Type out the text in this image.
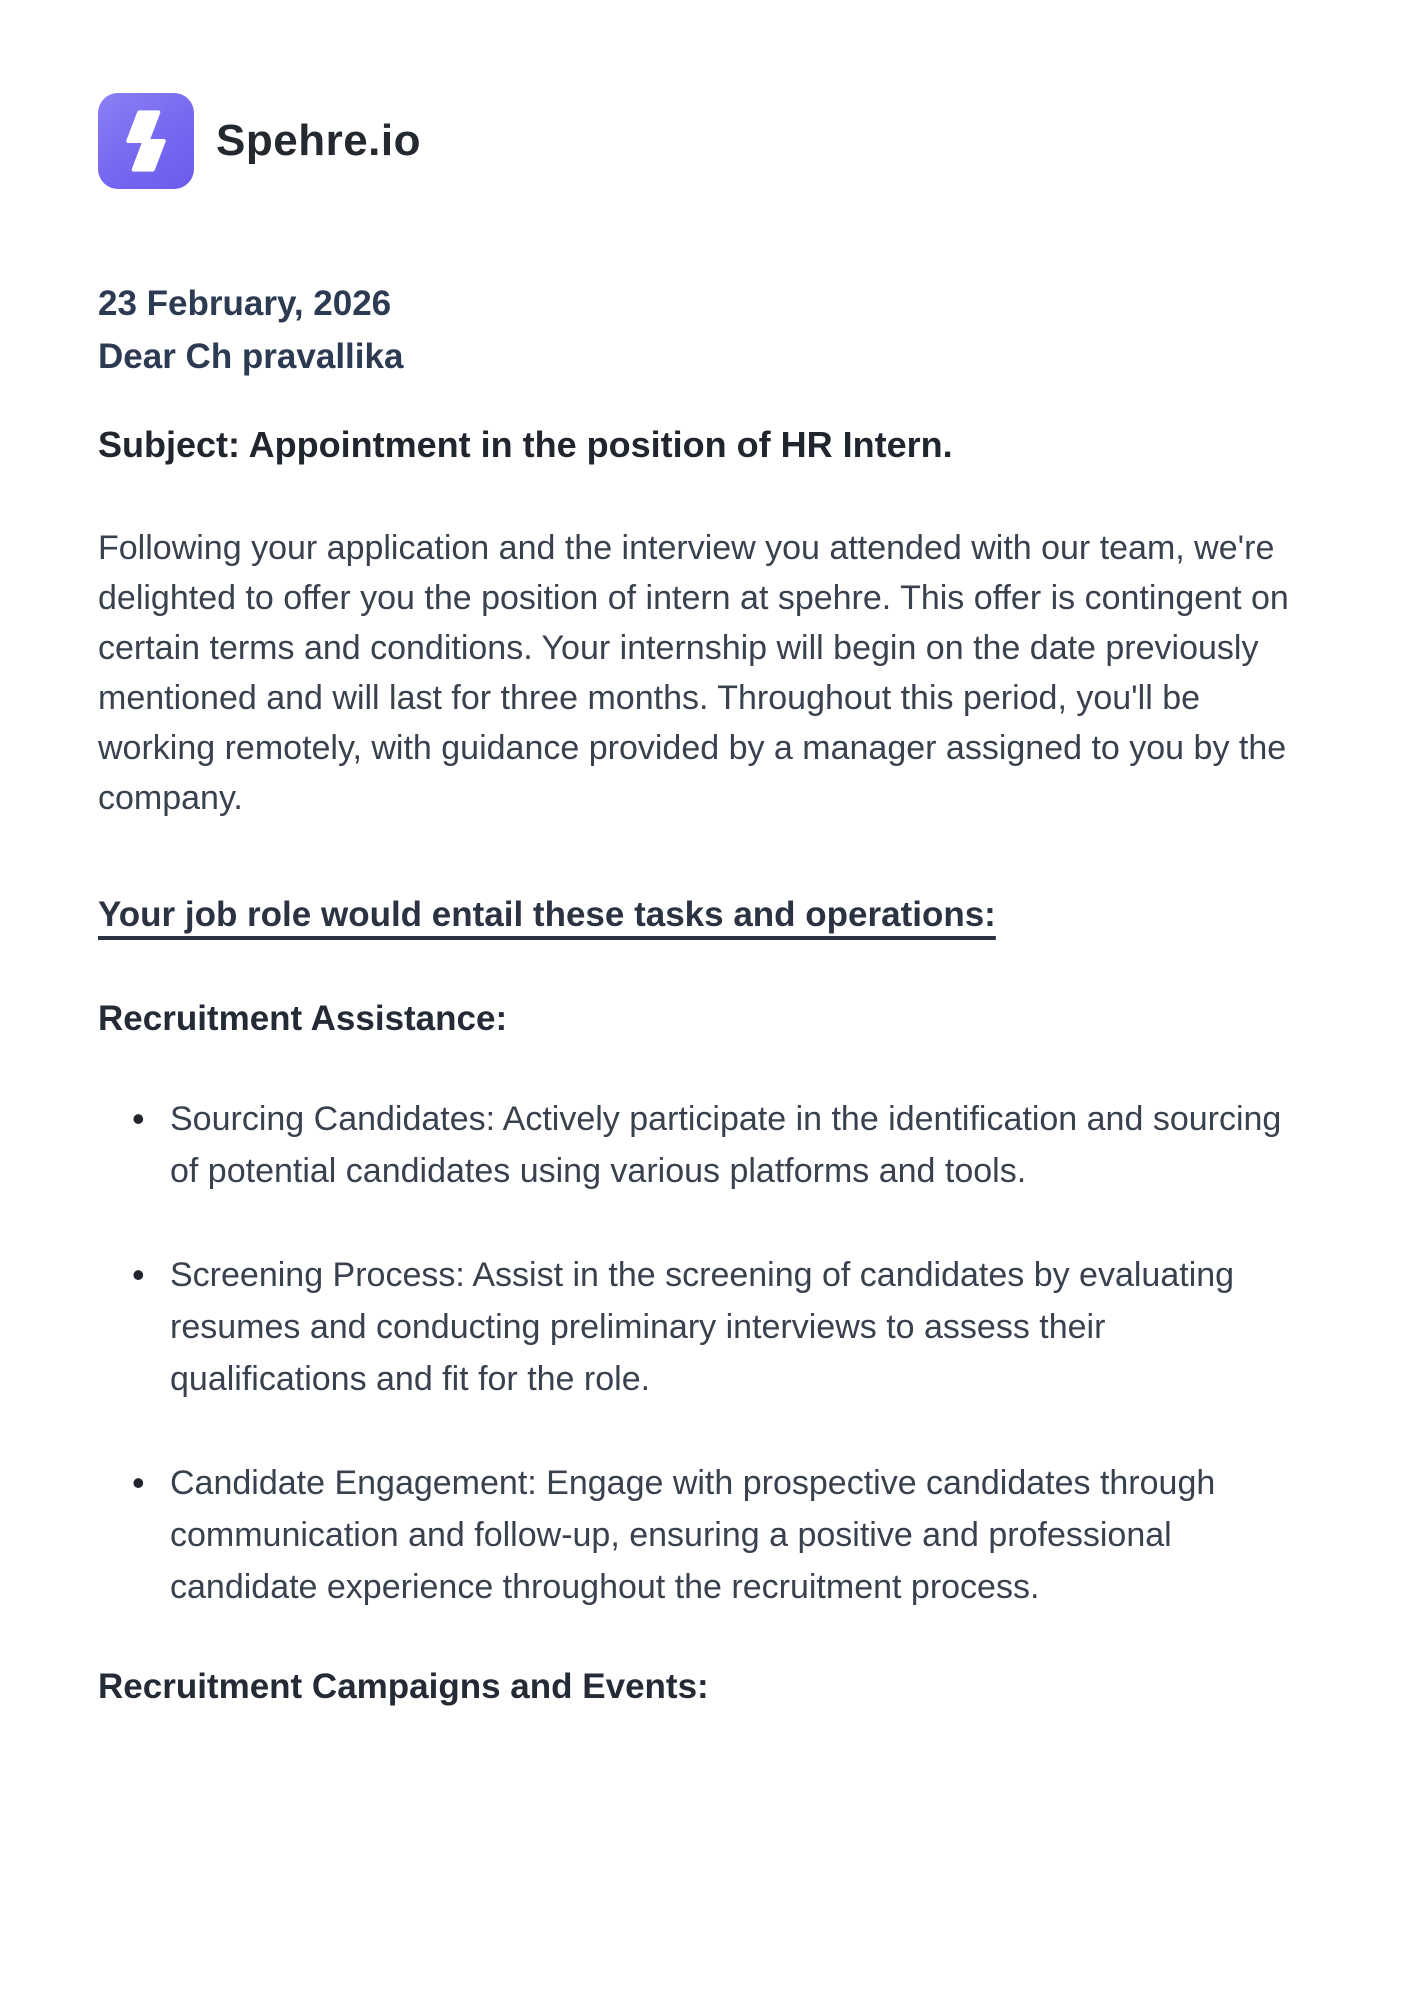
Spehre.io
23 February, 2026
Dear Ch pravallika
Subject: Appointment in the position of HR Intern.
Following your application and the interview you attended with our team, we're delighted to offer you the position of intern at spehre. This offer is contingent on certain terms and conditions. Your internship will begin on the date previously mentioned and will last for three months. Throughout this period, you'll be working remotely, with guidance provided by a manager assigned to you by the company.
Your job role would entail these tasks and operations:
Recruitment Assistance:
• Sourcing Candidates: Actively participate in the identification and sourcing of potential candidates using various platforms and tools.
• Screening Process: Assist in the screening of candidates by evaluating resumes and conducting preliminary interviews to assess their qualifications and fit for the role.
• Candidate Engagement: Engage with prospective candidates through communication and follow-up, ensuring a positive and professional candidate experience throughout the recruitment process.
Recruitment Campaigns and Events:
